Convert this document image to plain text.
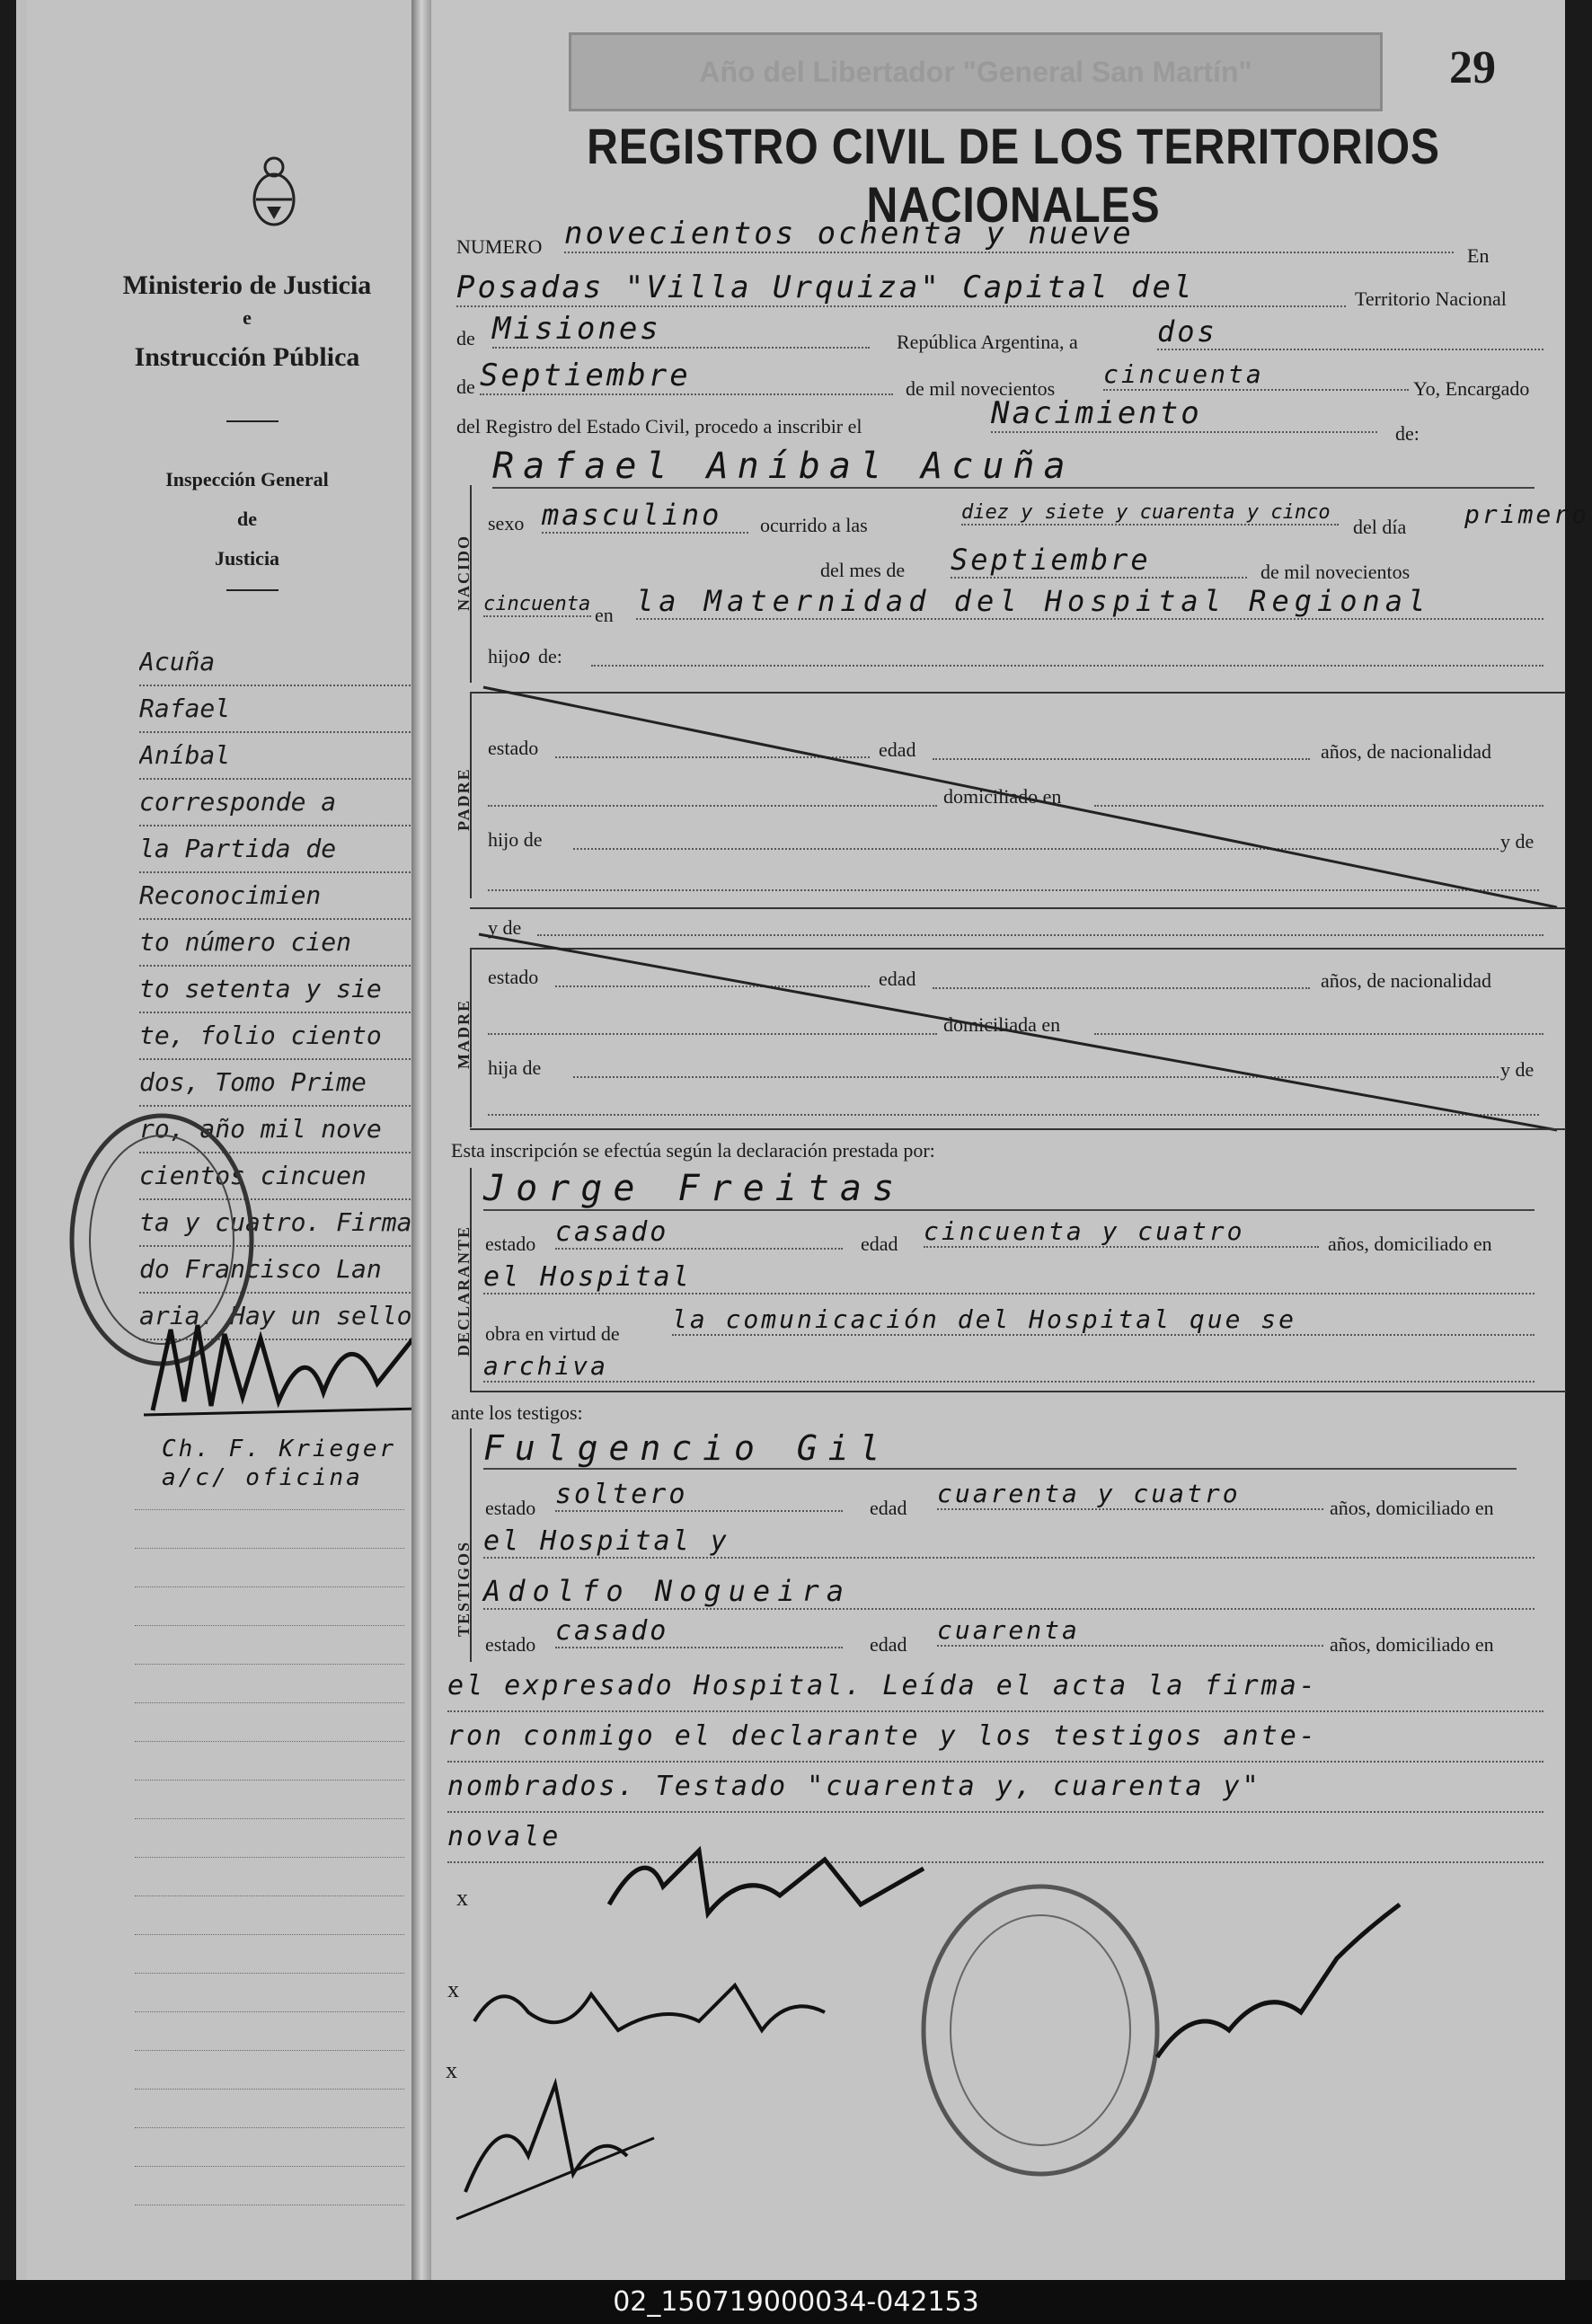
Ministerio de Justicia
e
Instrucción Pública
Inspección General
de
Justicia
Acuña
Rafael
Aníbal
corresponde a
la Partida de
Reconocimien
to número cien
to setenta y sie
te, folio ciento
dos, Tomo Prime
ro, año mil nove
cientos cincuen
ta y cuatro. Firma
do Francisco Lan
aria. Hay un sello
Ch. F. Krieger
a/c/ oficina
Año del Libertador "General San Martín"	29
REGISTRO CIVIL DE LOS TERRITORIOS NACIONALES
NUMERO novecientos ochenta y nueve
En
Posadas "Villa Urquiza" Capital del	Territorio Nacional
de Misiones	República Argentina, a	dos
de Septiembre	de mil novecientos cincuenta	Yo, Encargado
del Registro del Estado Civil, procedo a inscribir el	Nacimiento
de:
Rafael Aníbal Acuña
NACIDO
sexo masculino	ocurrido a las
diez y siete y cuarenta y cinco
del día primero
del mes de Septiembre	de mil novecientos
cincuenta en la Maternidad del Hospital Regional
hijoo de:
PADRE
estado	edad	años, de nacionalidad
domiciliado en
hijo de	y de
y de
MADRE
estado	edad	años, de nacionalidad
domiciliada en
hija de	y de
Esta inscripción se efectúa según la declaración prestada por:
DECLARANTE
Jorge Freitas
estado casado	edad cincuenta y cuatro	años, domiciliado en
el Hospital
obra en virtud de la comunicación del Hospital que se
archiva
ante los testigos:
TESTIGOS
Fulgencio Gil
estado soltero	edad cuarenta y cuatro	años, domiciliado en
el Hospital y
Adolfo Nogueira
estado casado	edad cuarenta	años, domiciliado en
el expresado Hospital. Leída el acta la firma-
ron conmigo el declarante y los testigos ante-
nombrados. Testado "cuarenta y, cuarenta y"
novale
x
x
x
02_150719000034-042153
